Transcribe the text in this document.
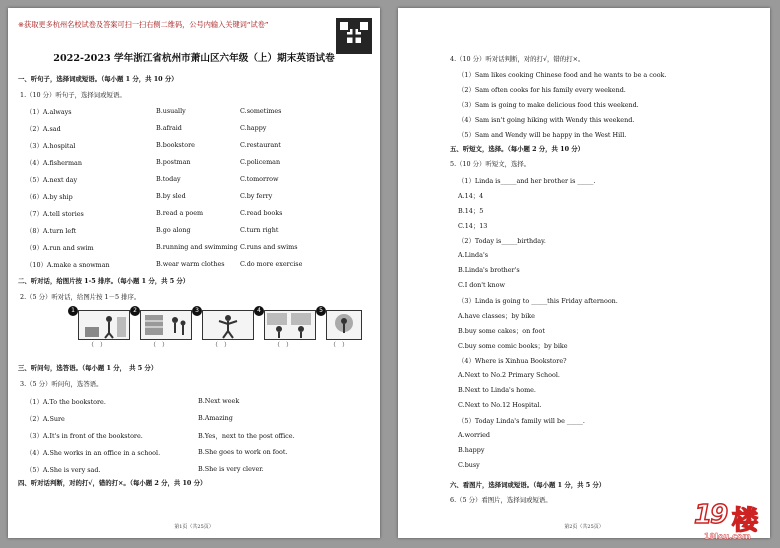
※获取更多杭州名校试卷及答案可扫一扫右侧二维码，公号内输入关键词“试卷”
2022-2023 学年浙江省杭州市萧山区六年级（上）期末英语试卷
一、听句子，选择词或短语。（每小题 1 分，共 10 分）
1.（10 分）听句子，选择词或短语。
（1）A.always	B.usually	C.sometimes
（2）A.sad	B.afraid	C.happy
（3）A.hospital	B.bookstore	C.restaurant
（4）A.fisherman	B.postman	C.policeman
（5）A.next day	B.today	C.tomorrow
（6）A.by ship	B.by sled	C.by ferry
（7）A.tell stories	B.read a poem	C.read books
（8）A.turn left	B.go along	C.turn right
（9）A.run and swim	B.running and swimming C.runs and swims
（10）A.make a snowman	B.wear warm clothes C.do more exercise
二、听对话，给图片按 1-5 排序。（每小题 1 分，共 5 分）
2.（5 分）听对话，给图片按 1－5 排序。
1	2	3	4	5
（　）	（　）	（　）	（　）	（　）
三、听问句，选答语。（每小题 1 分，　共 5 分）
3.（5 分）听问句，选答语。
（1）A.To the bookstore.	B.Next week
（2）A.Sure	B.Amazing
（3）A.It's in front of the bookstore.	B.Yes，next to the post office.
（4）A.She works in an office in a school.	B.She goes to work on foot.
（5）A.She is very sad.	B.She is very clever.
四、听对话判断，对的打√，错的打×。（每小题 2 分，共 10 分）
第1页（共25页）
4.（10 分）听对话判断，对的打√，错的打×。
（1）Sam likes cooking Chinese food and he wants to be a cook.
（2）Sam often cooks for his family every weekend.
（3）Sam is going to make delicious food this weekend.
（4）Sam isn't going hiking with Wendy this weekend.
（5）Sam and Wendy will be happy in the West Hill.
五、听短文，选择。（每小题 2 分，共 10 分）
5.（10 分）听短文，选择。
（1）Linda is_____and her brother is _____.
A.14；4
B.14；5
C.14；13
（2）Today is_____birthday.
A.Linda's
B.Linda's brother's
C.I don't know
（3）Linda is going to _____this Friday afternoon.
A.have classes；by bike
B.buy some cakes；on foot
C.buy some comic books；by bike
（4）Where is Xinhua Bookstore?
A.Next to No.2 Primary School.
B.Next to Linda's home.
C.Next to No.12 Hospital.
（5）Today Linda's family will be _____.
A.worried
B.happy
C.busy
六、看图片，选择词或短语。（每小题 1 分，共 5 分）
6.（5 分）看图片，选择词或短语。
第2页（共25页）	19 楼
19lou.com
